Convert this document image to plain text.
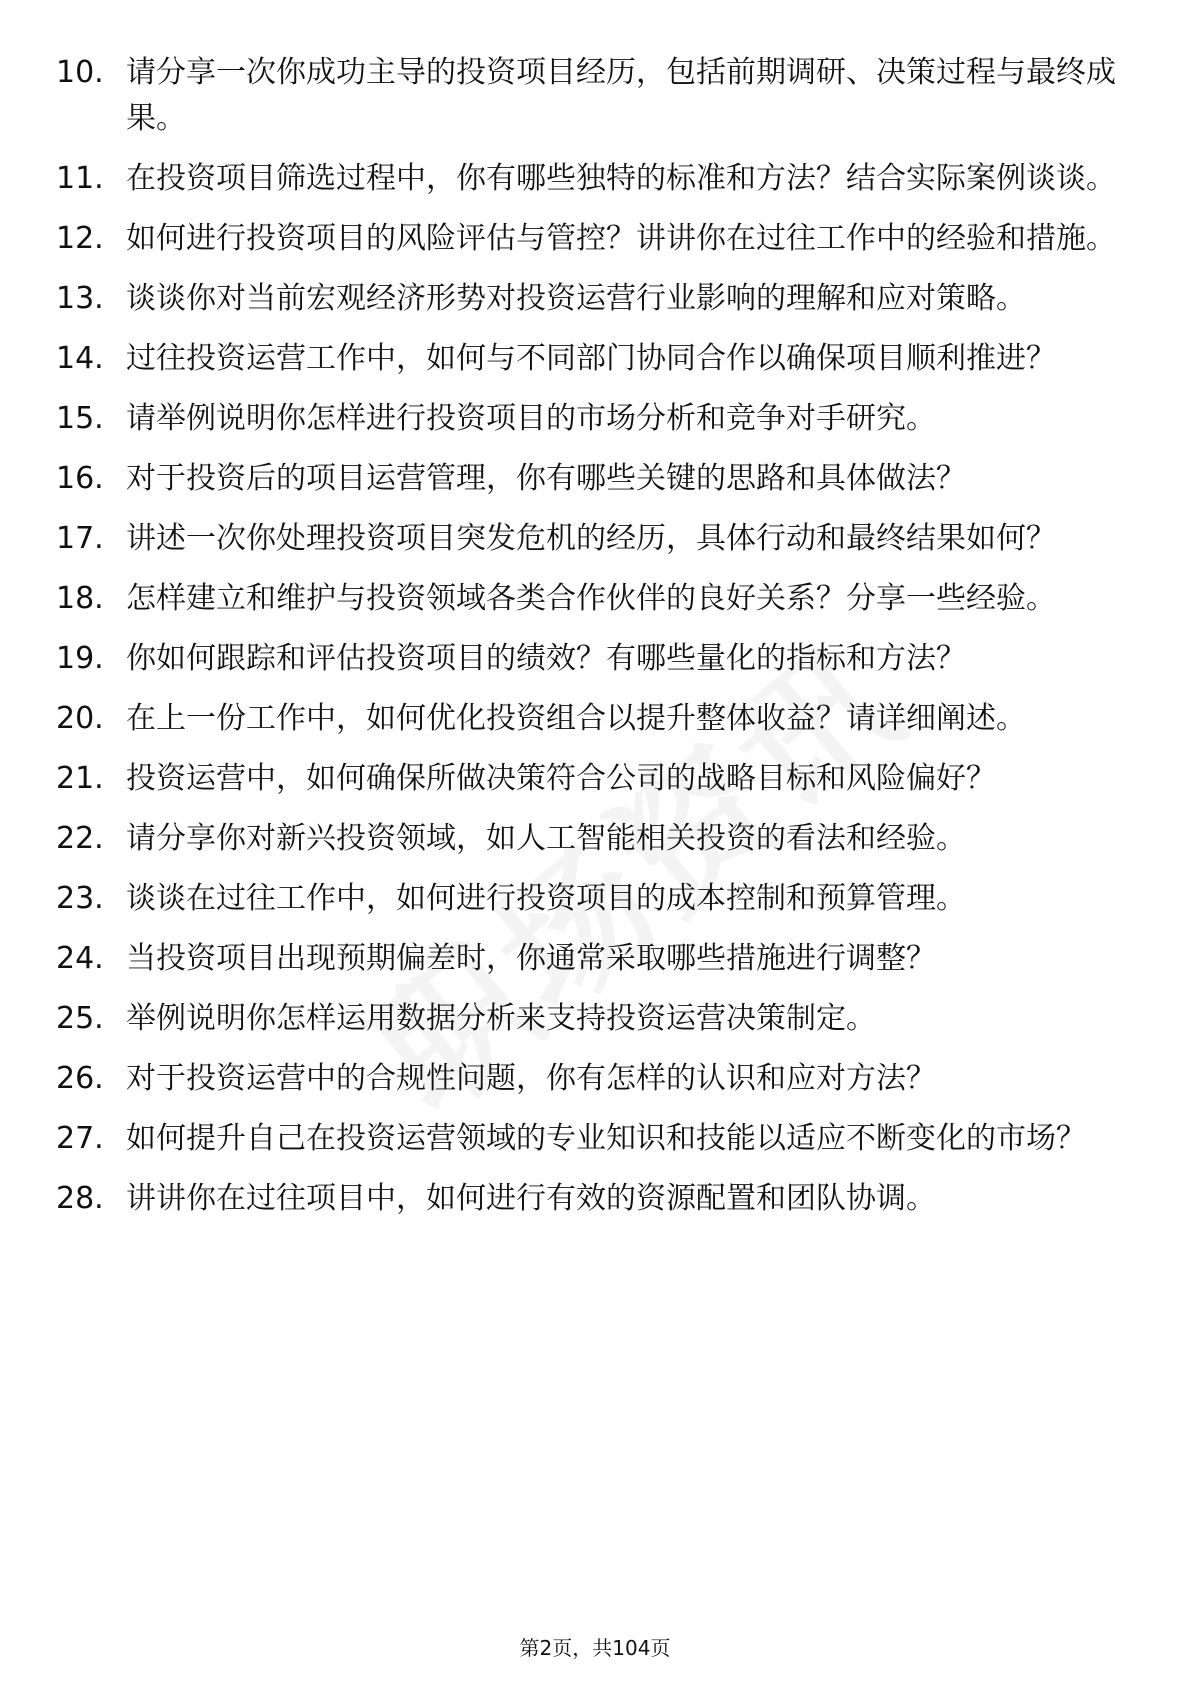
10. 请分享一次你成功主导的投资项目经历，包括前期调研、决策过程与最终成果。
11. 在投资项目筛选过程中，你有哪些独特的标准和方法？结合实际案例谈谈。
12. 如何进行投资项目的风险评估与管控？讲讲你在过往工作中的经验和措施。
13. 谈谈你对当前宏观经济形势对投资运营行业影响的理解和应对策略。
14. 过往投资运营工作中，如何与不同部门协同合作以确保项目顺利推进？
15. 请举例说明你怎样进行投资项目的市场分析和竞争对手研究。
16. 对于投资后的项目运营管理，你有哪些关键的思路和具体做法？
17. 讲述一次你处理投资项目突发危机的经历，具体行动和最终结果如何？
18. 怎样建立和维护与投资领域各类合作伙伴的良好关系？分享一些经验。
19. 你如何跟踪和评估投资项目的绩效？有哪些量化的指标和方法？
20. 在上一份工作中，如何优化投资组合以提升整体收益？请详细阐述。
21. 投资运营中，如何确保所做决策符合公司的战略目标和风险偏好？
22. 请分享你对新兴投资领域，如人工智能相关投资的看法和经验。
23. 谈谈在过往工作中，如何进行投资项目的成本控制和预算管理。
24. 当投资项目出现预期偏差时，你通常采取哪些措施进行调整？
25. 举例说明你怎样运用数据分析来支持投资运营决策制定。
26. 对于投资运营中的合规性问题，你有怎样的认识和应对方法？
27. 如何提升自己在投资运营领域的专业知识和技能以适应不断变化的市场？
28. 讲讲你在过往项目中，如何进行有效的资源配置和团队协调。
第2页，共104页
